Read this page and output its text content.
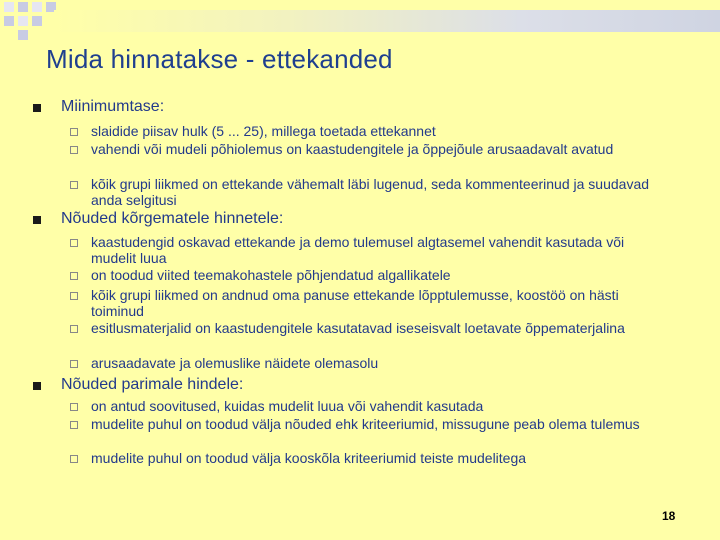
Mida hinnatakse - ettekanded
Miinimumtase:
slaidide piisav hulk (5 ... 25), millega toetada ettekannet
vahendi või mudeli põhiolemus on kaastudengitele ja õppejõule arusaadavalt avatud
kõik grupi liikmed on ettekande vähemalt läbi lugenud, seda kommenteerinud ja suudavad anda selgitusi
Nõuded kõrgematele hinnetele:
kaastudengid oskavad ettekande ja demo tulemusel algtasemel vahendit kasutada või mudelit luua
on toodud viited teemakohastele põhjendatud algallikatele
kõik grupi liikmed on andnud oma panuse ettekande lõpptulemusse, koostöö on hästi toiminud
esitlusmaterjalid on kaastudengitele kasutatavad iseseisvalt loetavate õppematerjalina
arusaadavate ja olemuslike näidete olemasolu
Nõuded parimale hindele:
on antud soovitused, kuidas mudelit luua või vahendit kasutada
mudelite puhul on toodud välja nõuded ehk kriteeriumid, missugune peab olema tulemus
mudelite puhul on toodud välja kooskõla kriteeriumid teiste mudelitega
18
